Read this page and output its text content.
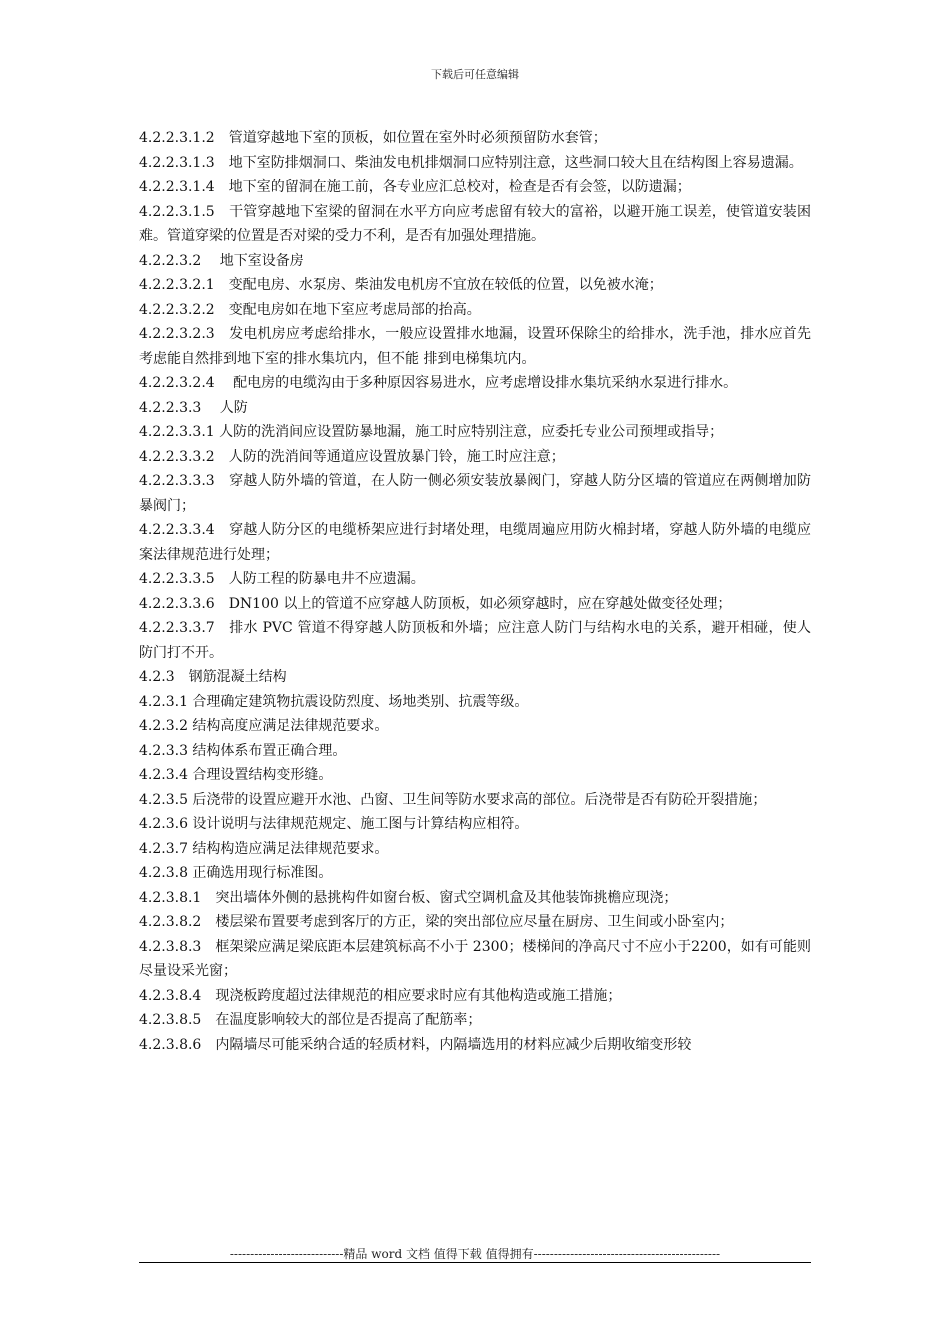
下载后可任意编辑

4.2.2.3.1.2　管道穿越地下室的顶板，如位置在室外时必须预留防水套管；

4.2.2.3.1.3　地下室防排烟洞口、柴油发电机排烟洞口应特别注意，这些洞口较大且在结构图上容易遗漏。

4.2.2.3.1.4　地下室的留洞在施工前，各专业应汇总校对，检查是否有会签，以防遗漏；

4.2.2.3.1.5　干管穿越地下室梁的留洞在水平方向应考虑留有较大的富裕，以避开施工误差，使管道安装困难。管道穿梁的位置是否对梁的受力不利，是否有加强处理措施。

4.2.2.3.2　 地下室设备房

4.2.2.3.2.1　变配电房、水泵房、柴油发电机房不宜放在较低的位置，以免被水淹；

4.2.2.3.2.2　变配电房如在地下室应考虑局部的抬高。

4.2.2.3.2.3　发电机房应考虑给排水，一般应设置排水地漏，设置环保除尘的给排水，洗手池，排水应首先考虑能自然排到地下室的排水集坑内，但不能 排到电梯集坑内。

4.2.2.3.2.4　 配电房的电缆沟由于多种原因容易进水，应考虑增设排水集坑采纳水泵进行排水。

4.2.2.3.3　 人防

4.2.2.3.3.1 人防的洗消间应设置防暴地漏，施工时应特别注意，应委托专业公司预埋或指导；

4.2.2.3.3.2　人防的洗消间等通道应设置放暴门铃，施工时应注意；

4.2.2.3.3.3　穿越人防外墙的管道，在人防一侧必须安装放暴阀门，穿越人防分区墙的管道应在两侧增加防暴阀门；

4.2.2.3.3.4　穿越人防分区的电缆桥架应进行封堵处理，电缆周遍应用防火棉封堵，穿越人防外墙的电缆应案法律规范进行处理；

4.2.2.3.3.5　人防工程的防暴电井不应遗漏。

4.2.2.3.3.6　DN100 以上的管道不应穿越人防顶板，如必须穿越时，应在穿越处做变径处理；

4.2.2.3.3.7　排水 PVC 管道不得穿越人防顶板和外墙；应注意人防门与结构水电的关系，避开相碰，使人防门打不开。

4.2.3　钢筋混凝土结构

4.2.3.1 合理确定建筑物抗震设防烈度、场地类别、抗震等级。

4.2.3.2 结构高度应满足法律规范要求。

4.2.3.3 结构体系布置正确合理。

4.2.3.4 合理设置结构变形缝。

4.2.3.5 后浇带的设置应避开水池、凸窗、卫生间等防水要求高的部位。后浇带是否有防砼开裂措施；

4.2.3.6 设计说明与法律规范规定、施工图与计算结构应相符。

4.2.3.7 结构构造应满足法律规范要求。

4.2.3.8 正确选用现行标准图。

4.2.3.8.1　突出墙体外侧的悬挑构件如窗台板、窗式空调机盒及其他装饰挑檐应现浇；

4.2.3.8.2　楼层梁布置要考虑到客厅的方正，梁的突出部位应尽量在厨房、卫生间或小卧室内；

4.2.3.8.3　框架梁应满足梁底距本层建筑标高不小于 2300；楼梯间的净高尺寸不应小于2200，如有可能则尽量设采光窗；

4.2.3.8.4　现浇板跨度超过法律规范的相应要求时应有其他构造或施工措施；

4.2.3.8.5　在温度影响较大的部位是否提高了配筋率；

4.2.3.8.6　内隔墙尽可能采纳合适的轻质材料，内隔墙选用的材料应减少后期收缩变形较

----------------------------精品 word 文档 值得下载 值得拥有----------------------------------------------
